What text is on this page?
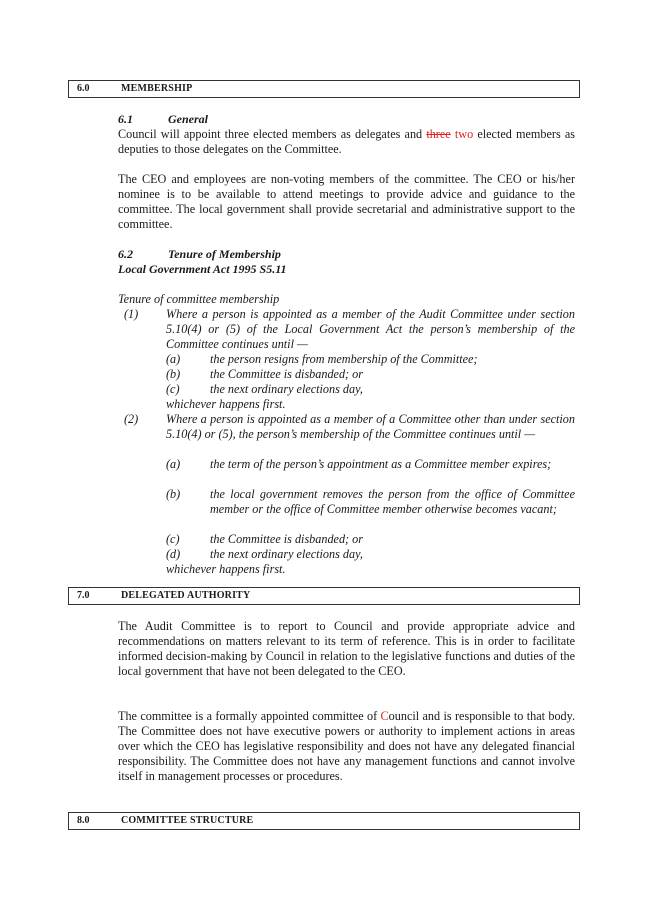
6.0	MEMBERSHIP
6.1	General

Council will appoint three elected members as delegates and three two elected members as deputies to those delegates on the Committee.

The CEO and employees are non-voting members of the committee. The CEO or his/her nominee is to be available to attend meetings to provide advice and guidance to the committee. The local government shall provide secretarial and administrative support to the committee.

6.2	Tenure of Membership
Local Government Act 1995 S5.11

Tenure of committee membership

(1) Where a person is appointed as a member of the Audit Committee under section 5.10(4) or (5) of the Local Government Act the person’s membership of the Committee continues until —

(a) the person resigns from membership of the Committee;

(b) the Committee is disbanded; or

(c) the next ordinary elections day,

whichever happens first.

(2) Where a person is appointed as a member of a Committee other than under section 5.10(4) or (5), the person’s membership of the Committee continues until —

(a) the term of the person’s appointment as a Committee member expires;

(b) the local government removes the person from the office of Committee member or the office of Committee member otherwise becomes vacant;

(c) the Committee is disbanded; or

(d) the next ordinary elections day,

whichever happens first.

7.0	DELEGATED AUTHORITY

The Audit Committee is to report to Council and provide appropriate advice and recommendations on matters relevant to its term of reference. This is in order to facilitate informed decision-making by Council in relation to the legislative functions and duties of the local government that have not been delegated to the CEO.

The committee is a formally appointed committee of Council and is responsible to that body. The Committee does not have executive powers or authority to implement actions in areas over which the CEO has legislative responsibility and does not have any delegated financial responsibility. The Committee does not have any management functions and cannot involve itself in management processes or procedures.

8.0	COMMITTEE STRUCTURE
